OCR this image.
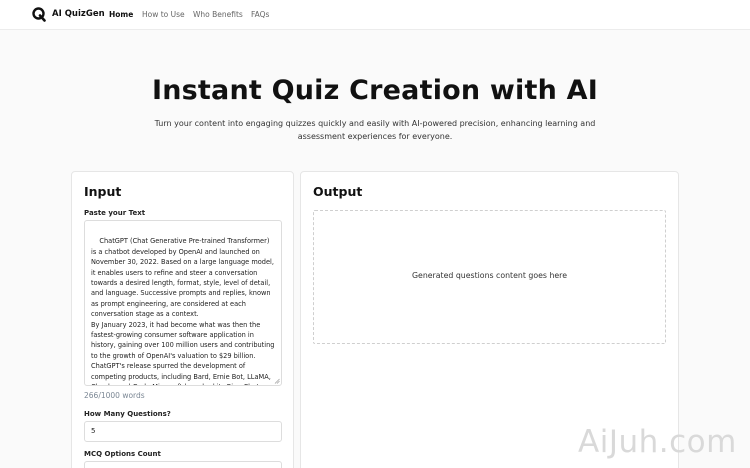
AI QuizGen Home How to Use Who Benefits FAQs
Instant Quiz Creation with AI

Turn your content into engaging quizzes quickly and easily with AI-powered precision, enhancing learning and assessment experiences for everyone.

Input
Paste your Text

ChatGPT (Chat Generative Pre-trained Transformer) is a chatbot developed by OpenAI and launched on November 30, 2022. Based on a large language model, it enables users to refine and steer a conversation towards a desired length, format, style, level of detail, and language. Successive prompts and replies, known as prompt engineering, are considered at each conversation stage as a context.
By January 2023, it had become what was then the fastest-growing consumer software application in history, gaining over 100 million users and contributing to the growth of OpenAI's valuation to $29 billion. ChatGPT's release spurred the development of competing products, including Bard, Ernie Bot, LLaMA,

266/1000 words
How Many Questions?
5
MCQ Options Count
Output
Generated questions content goes here
AiJuh.com
